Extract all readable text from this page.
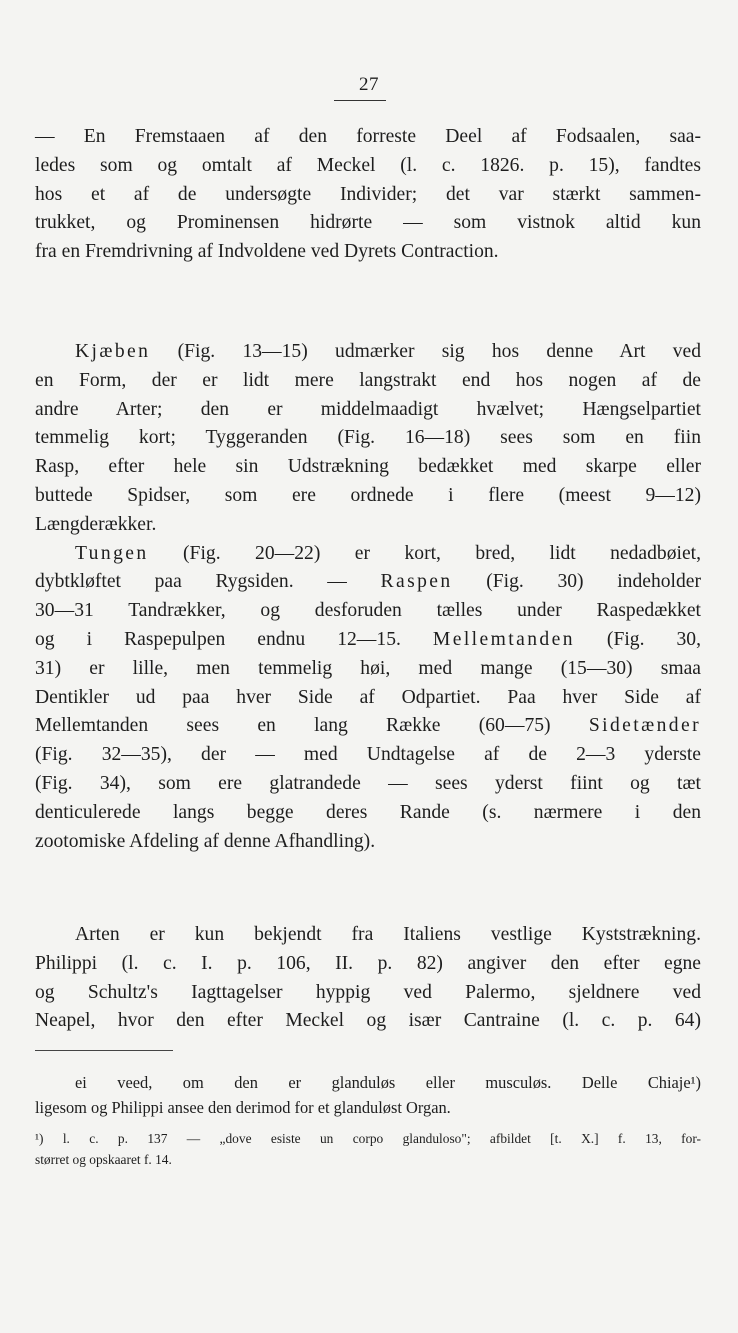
27
— En Fremstaaen af den forreste Deel af Fodsaalen, saa-
ledes som og omtalt af Meckel (l. c. 1826. p. 15), fandtes
hos et af de undersøgte Individer; det var stærkt sammen-
trukket, og Prominensen hidrørte — som vistnok altid kun
fra en Fremdrivning af Indvoldene ved Dyrets Contraction.
Kjæben (Fig. 13—15) udmærker sig hos denne Art ved
en Form, der er lidt mere langstrakt end hos nogen af de
andre Arter; den er middelmaadigt hvælvet; Hængselpartiet
temmelig kort; Tyggeranden (Fig. 16—18) sees som en fiin
Rasp, efter hele sin Udstrækning bedækket med skarpe eller
buttede Spidser, som ere ordnede i flere (meest 9—12)
Længderækker.
Tungen (Fig. 20—22) er kort, bred, lidt nedadbøiet,
dybtkløftet paa Rygsiden. — Raspen (Fig. 30) indeholder
30—31 Tandrækker, og desforuden tælles under Raspedækket
og i Raspepulpen endnu 12—15. Mellemtanden (Fig. 30,
31) er lille, men temmelig høi, med mange (15—30) smaa
Dentikler ud paa hver Side af Odpartiet. Paa hver Side af
Mellemtanden sees en lang Række (60—75) Sidetænder
(Fig. 32—35), der — med Undtagelse af de 2—3 yderste
(Fig. 34), som ere glatrandede — sees yderst fiint og tæt
denticulerede langs begge deres Rande (s. nærmere i den
zootomiske Afdeling af denne Afhandling).
Arten er kun bekjendt fra Italiens vestlige Kyststrækning.
Philippi (l. c. I. p. 106, II. p. 82) angiver den efter egne
og Schultz's Iagttagelser hyppig ved Palermo, sjeldnere ved
Neapel, hvor den efter Meckel og især Cantraine (l. c. p. 64)
ei veed, om den er glanduløs eller musculøs. Delle Chiaje¹)
ligesom og Philippi ansee den derimod for et glanduløst Organ.
¹) l. c. p. 137 — „dove esiste un corpo glanduloso"; afbildet [t. X.] f. 13, for-
størret og opskaaret f. 14.
